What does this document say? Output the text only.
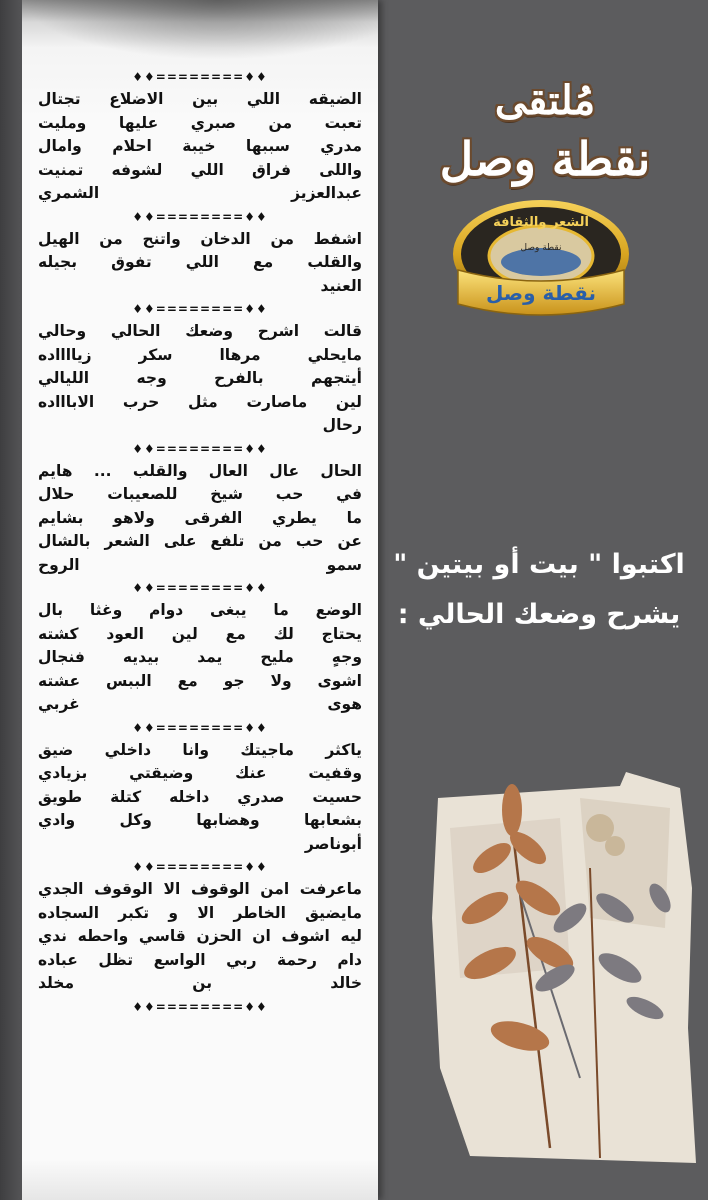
♦♦========♦♦
الضيقه اللي بين الاضلاع تجتال
تعبت من صبري عليها ومليت
مدري سببها خيبة احلام وامال
واللى فراق اللي لشوفه تمنيت
عبدالعزيز الشمري
♦♦========♦♦
اشفط من الدخان واتنح من الهيل
والقلب مع اللي تفوق بجيله
العنيد
♦♦========♦♦
قالت اشرح وضعك الحالي وحالي
مايحلي مرهاا سكر زيااااده
أيتجهم بالفرح وجه الليالي
لين ماصارت مثل حرب الاباااده
رحال
♦♦========♦♦
الحال عال العال والقلب ... هايم
في حب شيخ للصعيبات حلال
ما يطري الفرقى ولاهو بشايم
عن حب من تلفع على الشعر بالشال
سمو الروح
♦♦========♦♦
الوضع ما يبغى دوام وغثا بال
يحتاج لك مع لين العود كشته
وجهٍ مليح يمد بيديه فنجال
اشوى ولا جو مع الببس عشته
هوى غربي
♦♦========♦♦
ياكثر ماجيتك وانا داخلي ضيق
وقفيت عنك وضيقتي بزيادي
حسيت صدري داخله كتلة طويق
بشعابها وهضابها وكل وادي
أبوناصر
♦♦========♦♦
ماعرفت امن الوقوف الا الوقوف الجدي
مايضيق الخاطر الا و تكبر السجاده
ليه اشوف ان الحزن قاسي واحطه ندي
دام رحمة ربي الواسع تظل عباده
خالد بن مخلد
♦♦========♦♦
مُلتقى
نقطة وصل
الشعر والثقافة
نقطة وصل
نقطة وصل
اكتبوا " بيت أو بيتين "
يشرح وضعك الحالي :
